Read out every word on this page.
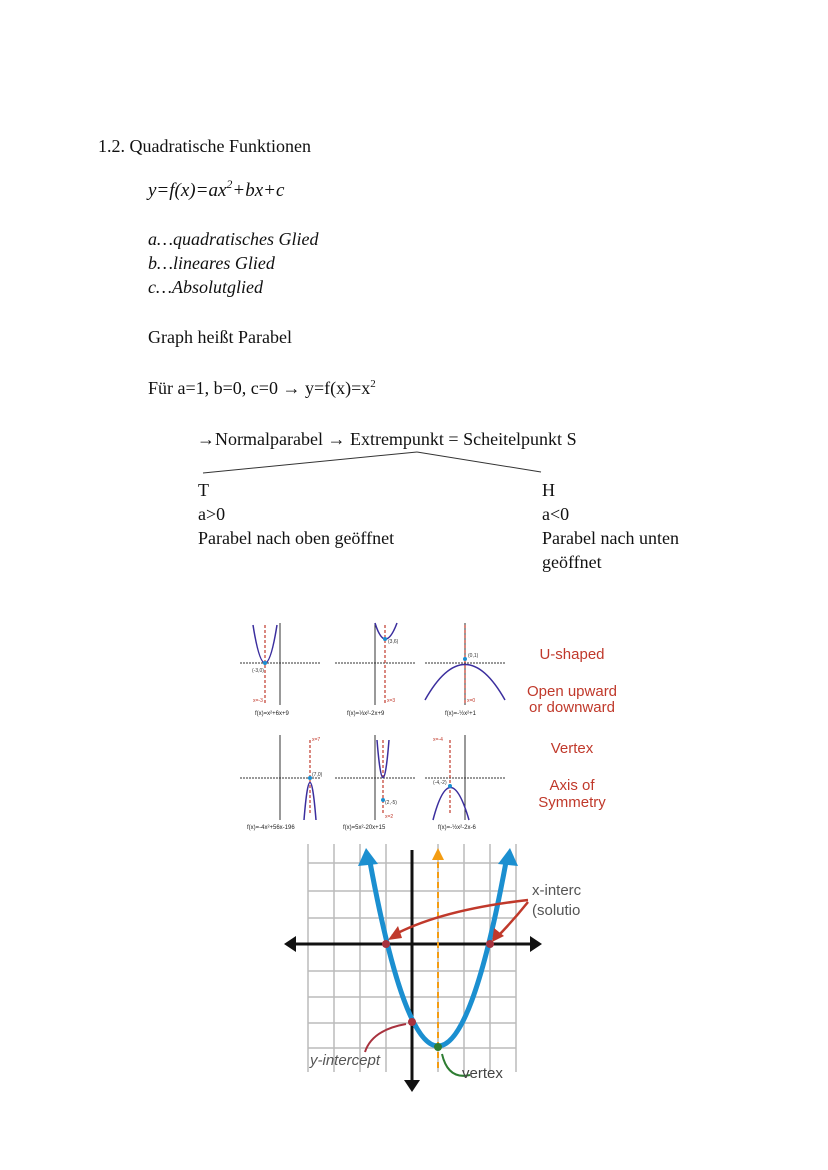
1.2. Quadratische Funktionen
$y=f(x)=ax^2+bx+c$
a…quadratisches Glied
b…lineares Glied
c…Absolutglied
Graph heißt Parabel
Für a=1, b=0, $c=0 \to y=f(x)=x^2$
→Normalparabel → Extrempunkt = Scheitelpunkt S
T
a>0
Parabel nach oben geöffnet
H
a<0
Parabel nach unten
geöffnet
(-3,0)
(3,6)
(0,1)
(7,0)
(2,-5)
(-4,-2)
x=-3	x=3	x=0
x=7
x=2
x=-4
f(x)=x²+6x+9	f(x)=⅓x²-2x+9	f(x)=-½x²+1
f(x)=-4x²+56x-196	f(x)=5x²-20x+15	f(x)=-½x²-2x-6
U-shaped
Open upward
or downward
Vertex
Axis of
Symmetry
y-intercept
vertex
x-interc
(solutio
